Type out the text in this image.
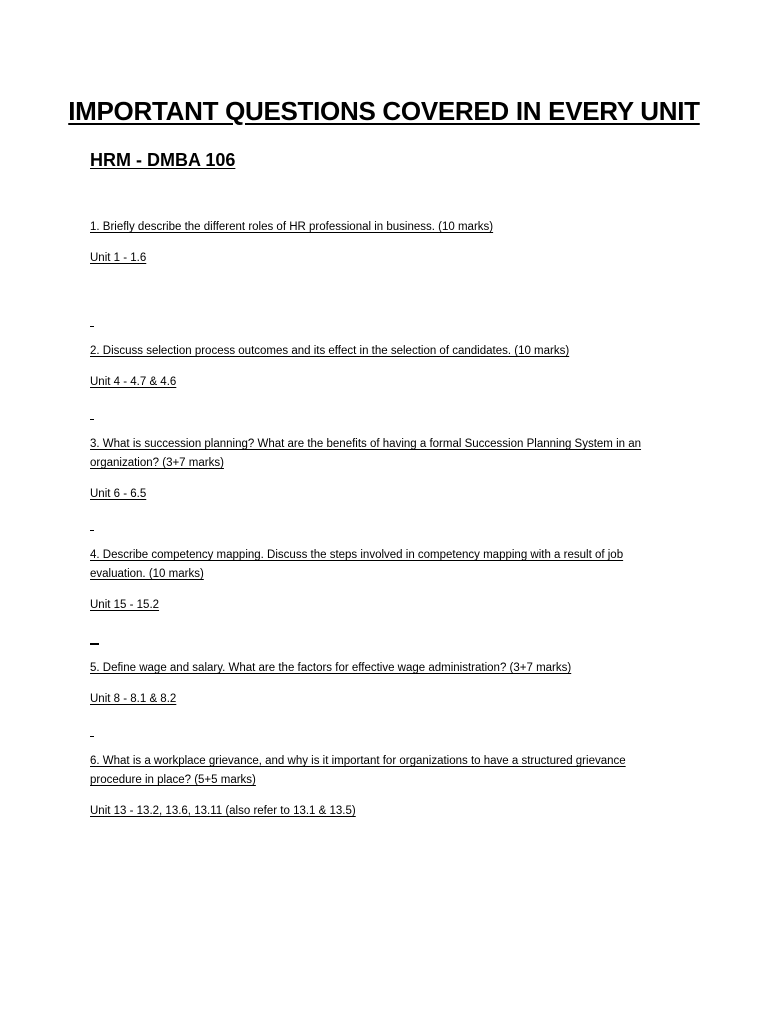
IMPORTANT QUESTIONS COVERED IN EVERY UNIT
HRM - DMBA 106
1. Briefly describe the different roles of HR professional in business. (10 marks)
Unit 1 - 1.6
2. Discuss selection process outcomes and its effect in the selection of candidates. (10 marks)
Unit 4 - 4.7 & 4.6
3. What is succession planning? What are the benefits of having a formal Succession Planning System in an
organization? (3+7 marks)
Unit 6 - 6.5
4. Describe competency mapping. Discuss the steps involved in competency mapping with a result of job
evaluation. (10 marks)
Unit 15 - 15.2
5. Define wage and salary. What are the factors for effective wage administration? (3+7 marks)
Unit 8 - 8.1 & 8.2
6. What is a workplace grievance, and why is it important for organizations to have a structured grievance
procedure in place? (5+5 marks)
Unit 13 - 13.2, 13.6, 13.11 (also refer to 13.1 & 13.5)
